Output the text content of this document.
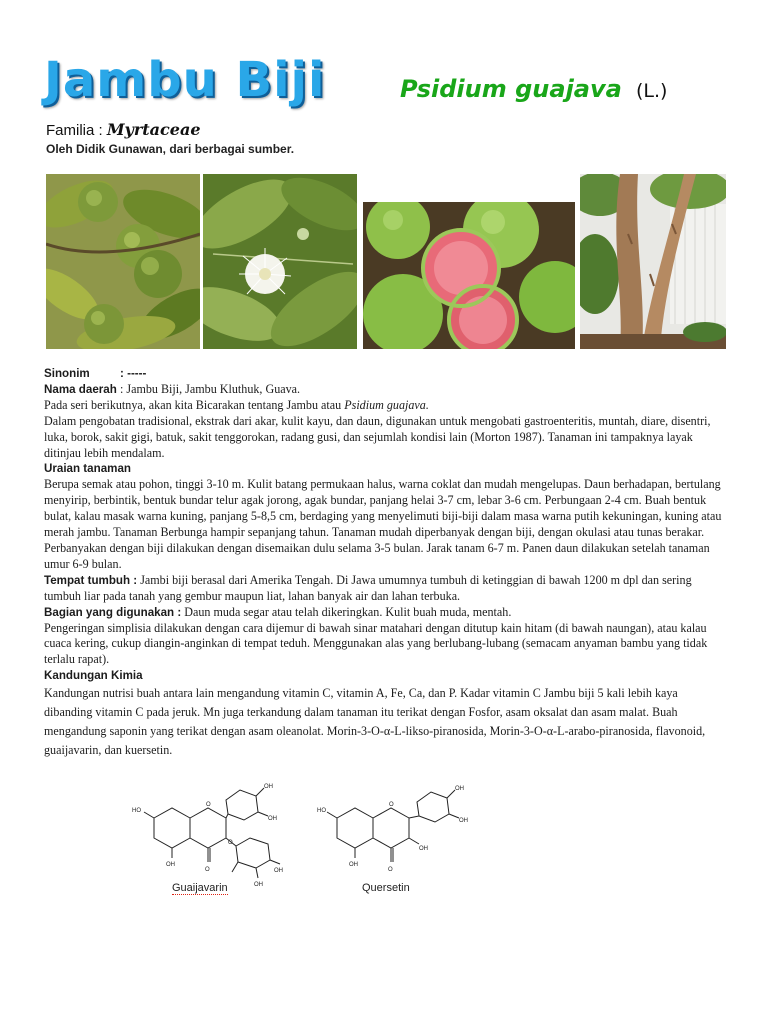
Jambu Biji	Psidium guajava (L.)
Familia : Myrtaceae
Oleh Didik Gunawan, dari berbagai sumber.

Sinonim	: -----

Nama daerah : Jambu Biji, Jambu Kluthuk, Guava.

Pada seri berikutnya, akan kita Bicarakan tentang Jambu atau Psidium guajava.

Dalam pengobatan tradisional, ekstrak dari akar, kulit kayu, dan daun, digunakan untuk mengobati gastroenteritis, muntah, diare, disentri, luka, borok, sakit gigi, batuk, sakit tenggorokan, radang gusi, dan sejumlah kondisi lain (Morton 1987). Tanaman ini tampaknya layak ditinjau lebih mendalam.

Uraian tanaman

Berupa semak atau pohon, tinggi 3-10 m. Kulit batang permukaan halus, warna coklat dan mudah mengelupas. Daun berhadapan, bertulang menyirip, berbintik, bentuk bundar telur agak jorong, agak bundar, panjang helai 3-7 cm, lebar 3-6 cm. Perbungaan 2-4 cm. Buah bentuk bulat, kalau masak warna kuning, panjang 5-8,5 cm, berdaging yang menyelimuti biji-biji dalam masa warna putih kekuningan, kuning atau merah jambu. Tanaman Berbunga hampir sepanjang tahun. Tanaman mudah diperbanyak dengan biji, dengan okulasi atau tunas berakar. Perbanyakan dengan biji dilakukan dengan disemaikan dulu selama 3-5 bulan. Jarak tanam 6-7 m. Panen daun dilakukan setelah tanaman umur 6-9 bulan.

Tempat tumbuh : Jambi biji berasal dari Amerika Tengah. Di Jawa umumnya tumbuh di ketinggian di bawah 1200 m dpl dan sering tumbuh liar pada tanah yang gembur maupun liat, lahan banyak air dan lahan terbuka.

Bagian yang digunakan : Daun muda segar atau telah dikeringkan. Kulit buah muda, mentah.

Pengeringan simplisia dilakukan dengan cara dijemur di bawah sinar matahari dengan ditutup kain hitam (di bawah naungan), atau kalau cuaca kering, cukup diangin-anginkan di tempat teduh. Menggunakan alas yang berlubang-lubang (semacam anyaman bambu yang tidak terlalu rapat).

Kandungan Kimia

Kandungan nutrisi buah antara lain mengandung vitamin C, vitamin A, Fe, Ca, dan P. Kadar vitamin C Jambu biji 5 kali lebih kaya dibanding vitamin C pada jeruk. Mn juga terkandung dalam tanaman itu terikat dengan Fosfor, asam oksalat dan asam malat. Buah mengandung saponin yang terikat dengan asam oleanolat. Morin-3-O-α-L-likso-piranosida, Morin-3-O-α-L-arabo-piranosida, flavonoid, guaijavarin, dan kuersetin.

HO
OH
O
O
OH
OH
O
OH
OH
Guaijavarin
HO
OH
O
O
OH
OH
OH
Quersetin
